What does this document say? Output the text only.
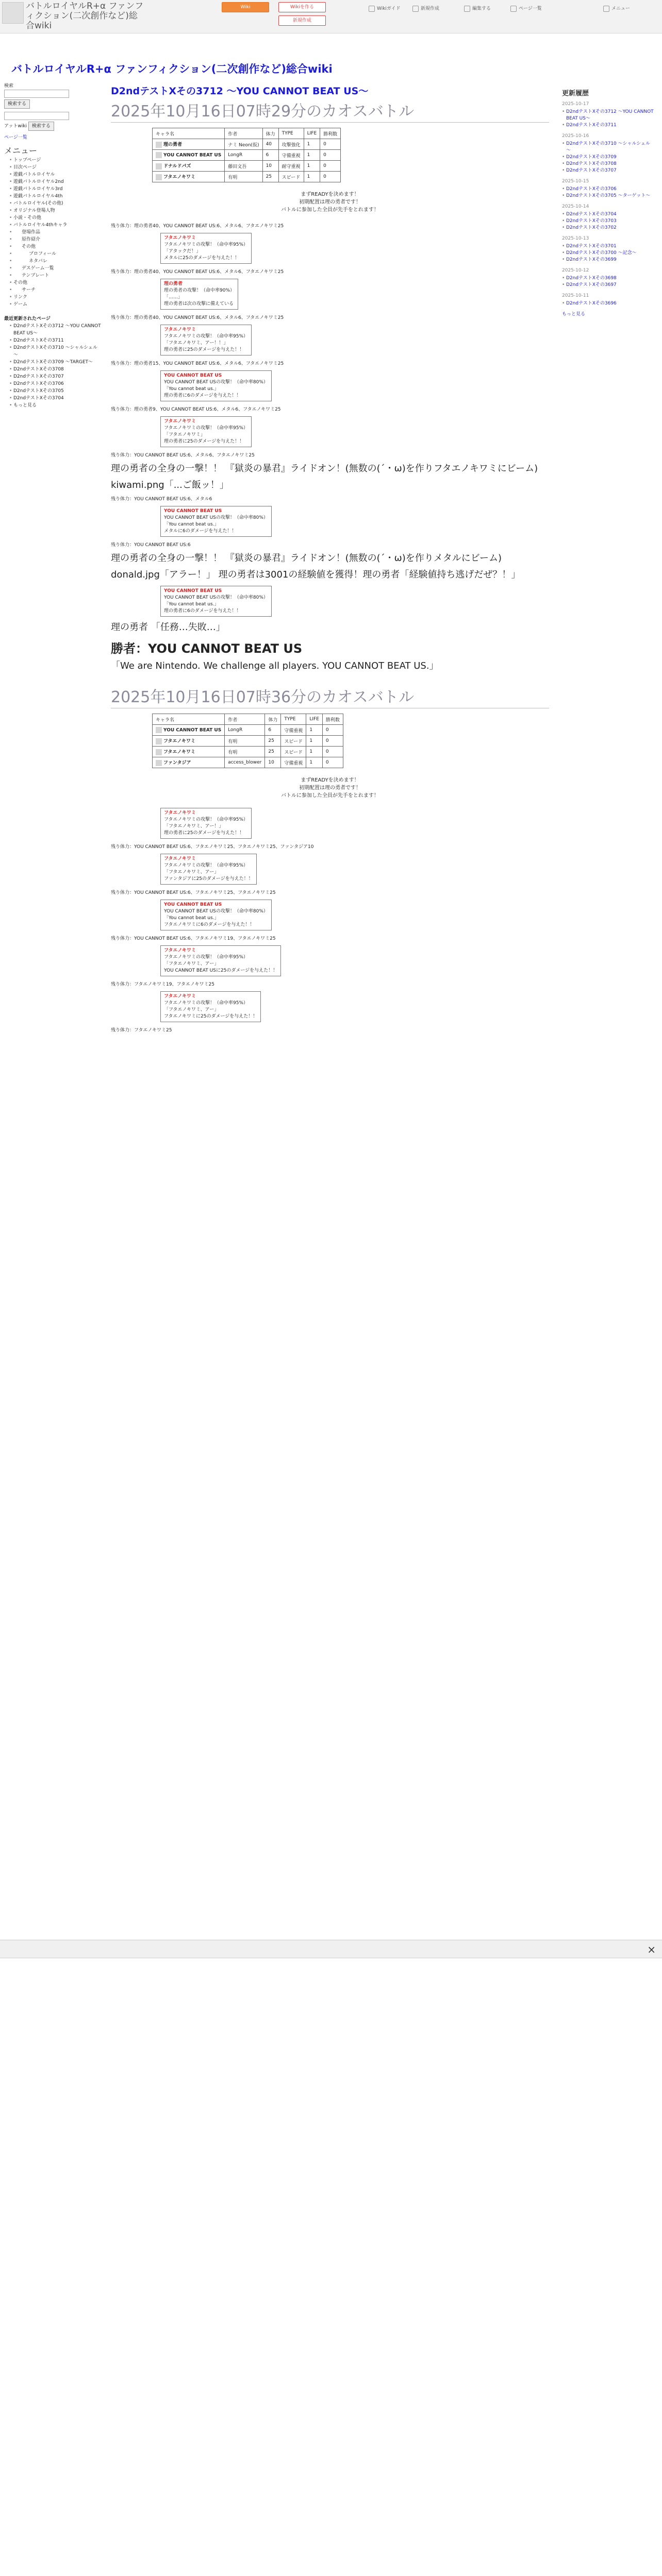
バトルロイヤルR+α ファンフィクション(二次創作など)総合wiki
Wiki	Wikiを作る
新規作成
Wikiガイド	新規作成	編集する	ページ一覧	メニュー
バトルロイヤルR+α ファンフィクション(二次創作など)総合wiki
検索
検索する
アットwiki 検索する
ページ一覧
メニュー
• トップページ
• 目次ページ
• 遊戯バトルロイヤル
• 遊戯バトルロイヤル2nd
• 遊戯バトルロイヤル3rd
• 遊戯バトルロイヤル4th
• バトルロイヤル(その他)
• オリジナル登場人物
• 小説・その他
• バトルロイヤル4thキャラ
• 登場作品
• 原作紹介
• その他
• プロフィール
• ネタバレ
• デスゲーム一覧
• テンプレート
• その他
• サーチ
• リンク
• ゲーム
最近更新されたページ
• D2ndテストXその3712 ～YOU CANNOT BEAT US～
• D2ndテストXその3711
• D2ndテストXその3710 ～シャルシェル～
• D2ndテストXその3709 ～TARGET～
• D2ndテストXその3708
• D2ndテストXその3707
• D2ndテストXその3706
• D2ndテストXその3705
• D2ndテストXその3704
• もっと見る
D2ndテストXその3712 ～YOU CANNOT BEAT US～
2025年10月16日07時29分のカオスバトル
キャラ名	作者	体力	TYPE	LIFE	勝利数
理の勇者	ナミ Neon(仮)	40	攻撃強化	1	0
YOU CANNOT BEAT US	LongR	6	守備重視	1	0
ドナルドパズ	藤田文吾	10	耐守重視	1	0
フタエノキワミ	有明	25	スピード	1	0
まずREADYを決めます！
初期配置は理の勇者です！
バトルに参加した全員が先手をとれます！
残り体力：理の勇者40、YOU CANNOT BEAT US:6、メタル6、フタエノキワミ25
フタエノキワミ
フタエノキワミの攻撃！（命中率95%）
「アタックだ！」
メタルに25のダメージを与えた！！
残り体力：理の勇者40、YOU CANNOT BEAT US:6、メタル6、フタエノキワミ25
理の勇者
理の勇者の攻撃！（命中率90%）
「……」
理の勇者は次の攻撃に備えている
残り体力：理の勇者40、YOU CANNOT BEAT US:6、メタル6、フタエノキワミ25
フタエノキワミ
フタエノキワミの攻撃！（命中率95%）
「フタエノキワミ、アー！！」
理の勇者に25のダメージを与えた！！
残り体力：理の勇者15、YOU CANNOT BEAT US:6、メタル6、フタエノキワミ25
YOU CANNOT BEAT US
YOU CANNOT BEAT USの攻撃！（命中率80%）
「You cannot beat us.」
理の勇者に6のダメージを与えた！！
残り体力：理の勇者9、YOU CANNOT BEAT US:6、メタル6、フタエノキワミ25
フタエノキワミ
フタエノキワミの攻撃！（命中率95%）
「フタエノキワミ」
理の勇者に25のダメージを与えた！！
残り体力：YOU CANNOT BEAT US:6、メタル6、フタエノキワミ25
理の勇者の全身の一撃！！ 『獄炎の暴君』ライドオン！(無数の(´・ω)を作りフタエノキワミにビーム)
kiwami.png「...ご飯ッ！」
残り体力：YOU CANNOT BEAT US:6、メタル6
YOU CANNOT BEAT US
YOU CANNOT BEAT USの攻撃！（命中率80%）
「You cannot beat us.」
メタルに6のダメージを与えた！！
残り体力：YOU CANNOT BEAT US:6
理の勇者の全身の一撃！！ 『獄炎の暴君』ライドオン！(無数の(´・ω)を作りメタルにビーム)
donald.jpg「アラー！」 理の勇者は3001の経験値を獲得！理の勇者「経験値持ち逃げだぜ？！」
YOU CANNOT BEAT US
YOU CANNOT BEAT USの攻撃！（命中率80%）
「You cannot beat us.」
理の勇者に6のダメージを与えた！！
理の勇者 「任務…失敗…」
勝者：YOU CANNOT BEAT US
「We are Nintendo. We challenge all players. YOU CANNOT BEAT US.」
2025年10月16日07時36分のカオスバトル
キャラ名	作者	体力	TYPE	LIFE	勝利数
YOU CANNOT BEAT US	LongR	6	守備重視	1	0
フタエノキワミ	有明	25	スピード	1	0
フタエノキワミ	有明	25	スピード	1	0
ファンタジア	access_blower	10	守備重視	1	0
まずREADYを決めます！
初期配置は理の勇者です！
バトルに参加した全員が先手をとれます！
フタエノキワミ
フタエノキワミの攻撃！（命中率95%）
「フタエノキワミ、アー！」
理の勇者に25のダメージを与えた！！
残り体力：YOU CANNOT BEAT US:6、フタエノキワミ25、フタエノキワミ25、ファンタジア10
フタエノキワミ
フタエノキワミの攻撃！（命中率95%）
「フタエノキワミ、アー」
ファンタジアに25のダメージを与えた！！
残り体力：YOU CANNOT BEAT US:6、フタエノキワミ25、フタエノキワミ25
YOU CANNOT BEAT US
YOU CANNOT BEAT USの攻撃！（命中率80%）
「You cannot beat us.」
フタエノキワミに6のダメージを与えた！！
残り体力：YOU CANNOT BEAT US:6、フタエノキワミ19、フタエノキワミ25
フタエノキワミ
フタエノキワミの攻撃！（命中率95%）
「フタエノキワミ、アー」
YOU CANNOT BEAT USに25のダメージを与えた！！
残り体力：フタエノキワミ19、フタエノキワミ25
フタエノキワミ
フタエノキワミの攻撃！（命中率95%）
「フタエノキワミ、アー」
フタエノキワミに25のダメージを与えた！！
残り体力：フタエノキワミ25
更新履歴
2025-10-17
• D2ndテストXその3712 ～YOU CANNOT BEAT US～
• D2ndテストXその3711
2025-10-16
• D2ndテストXその3710 ～シャルシェル～
• D2ndテストXその3709
• D2ndテストXその3708
• D2ndテストXその3707
2025-10-15
• D2ndテストXその3706
• D2ndテストXその3705 ～ターゲット～
2025-10-14
• D2ndテストXその3704
• D2ndテストXその3703
• D2ndテストXその3702
2025-10-13
• D2ndテストXその3701
• D2ndテストXその3700 ～記念～
• D2ndテストXその3699
2025-10-12
• D2ndテストXその3698
• D2ndテストXその3697
2025-10-11
• D2ndテストXその3696
もっと見る
×
